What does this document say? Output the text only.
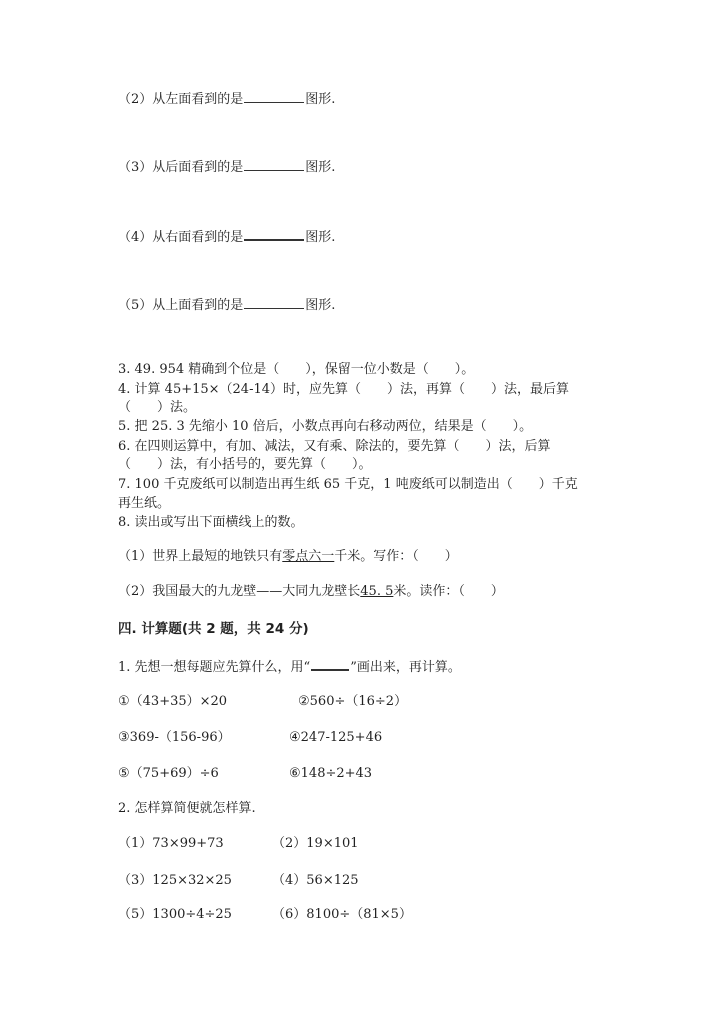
（2）从左面看到的是	图形.
（3）从后面看到的是	图形.
（4）从右面看到的是	图形.
（5）从上面看到的是	图形.
3. 49. 954 精确到个位是（　　），保留一位小数是（　　）。
4. 计算 45+15×（24-14）时，应先算（　　）法，再算（　　）法，最后算
（　　）法。
5. 把 25. 3 先缩小 10 倍后，小数点再向右移动两位，结果是（　　）。
6. 在四则运算中，有加、减法，又有乘、除法的，要先算（　　）法，后算
（　　）法，有小括号的，要先算（　　）。
7. 100 千克废纸可以制造出再生纸 65 千克，1 吨废纸可以制造出（　　）千克
再生纸。
8. 读出或写出下面横线上的数。
（1）世界上最短的地铁只有零点六一千米。写作：（　　）
（2）我国最大的九龙壁——大同九龙壁长45. 5米。读作：（　　）
四. 计算题(共 2 题，共 24 分)
1. 先想一想每题应先算什么，用“	”画出来，再计算。
①（43+35）×20	②560÷（16÷2）
③369-（156-96）	④247-125+46
⑤（75+69）÷6	⑥148÷2+43
2. 怎样算简便就怎样算.
（1）73×99+73	（2）19×101
（3）125×32×25	（4）56×125
（5）1300÷4÷25	（6）8100÷（81×5）
